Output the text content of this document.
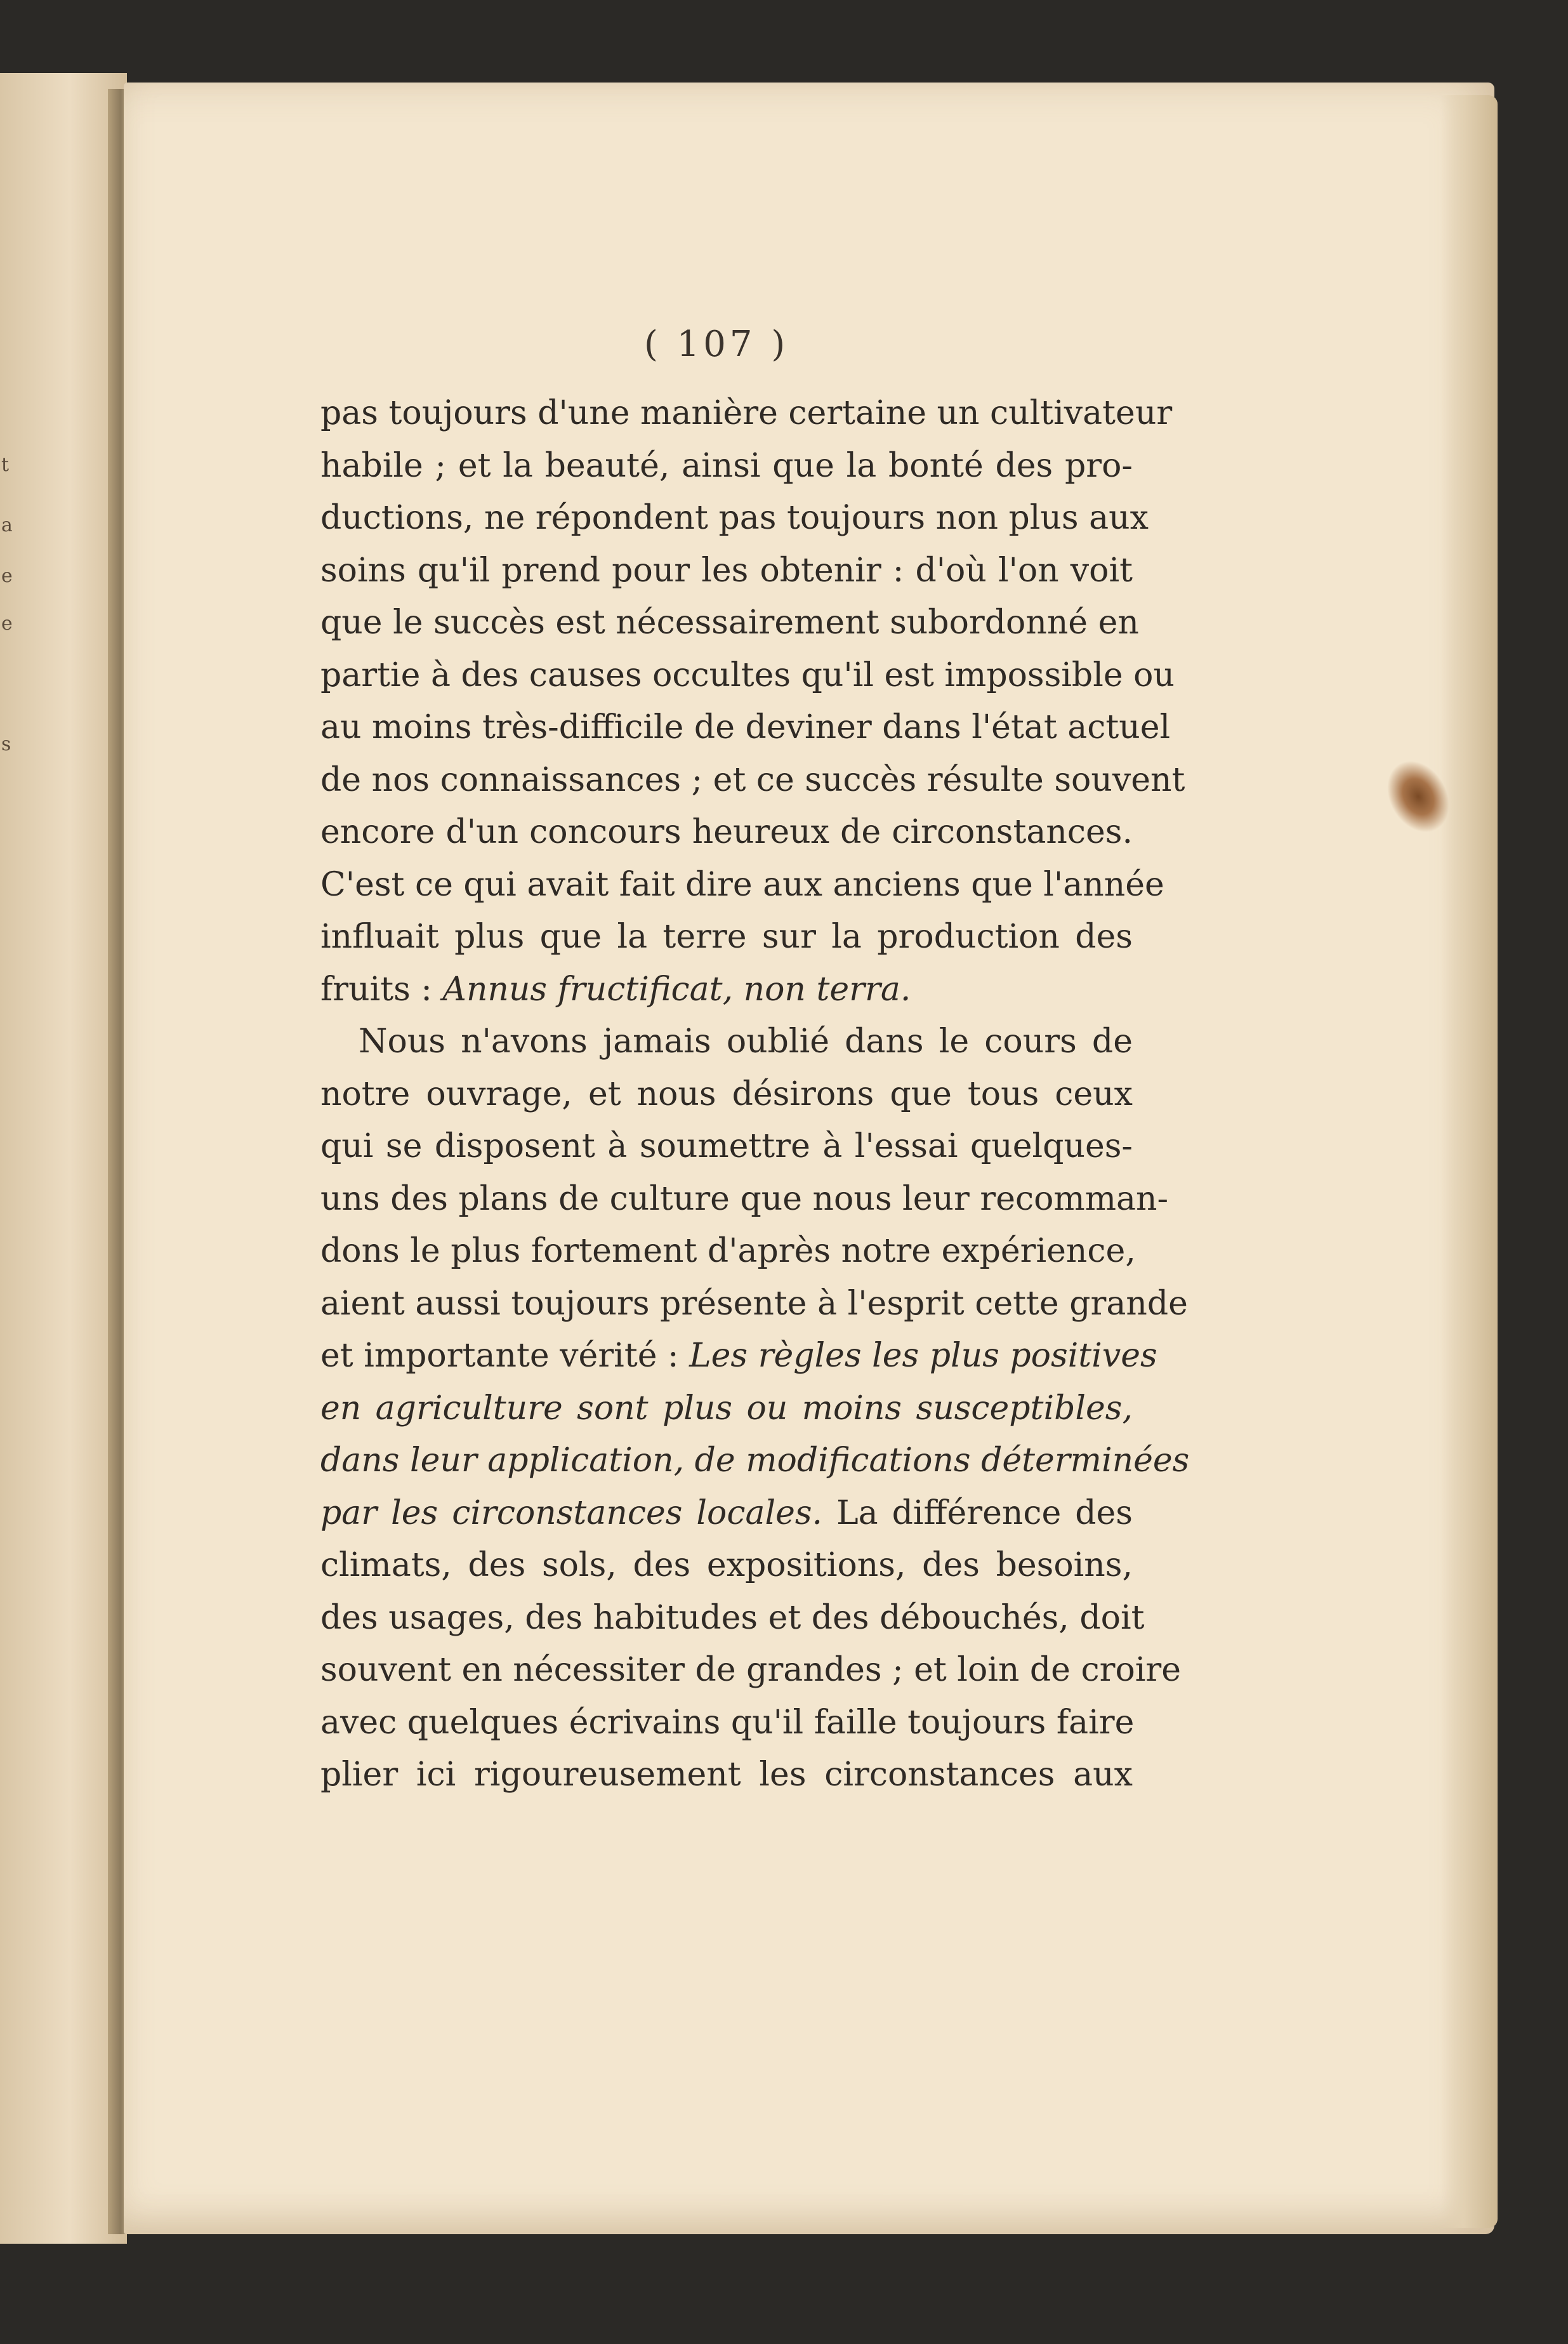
t
a
e
e
s
( 107 )
pas toujours d'une manière certaine un cultivateur
habile ; et la beauté, ainsi que la bonté des pro-
ductions, ne répondent pas toujours non plus aux
soins qu'il prend pour les obtenir : d'où l'on voit
que le succès est nécessairement subordonné en
partie à des causes occultes qu'il est impossible ou
au moins très-difficile de deviner dans l'état actuel
de nos connaissances ; et ce succès résulte souvent
encore d'un concours heureux de circonstances.
C'est ce qui avait fait dire aux anciens que l'année
influait plus que la terre sur la production des
fruits : Annus fructificat, non terra.
Nous n'avons jamais oublié dans le cours de
notre ouvrage, et nous désirons que tous ceux
qui se disposent à soumettre à l'essai quelques-
uns des plans de culture que nous leur recomman-
dons le plus fortement d'après notre expérience,
aient aussi toujours présente à l'esprit cette grande
et importante vérité : Les règles les plus positives
en agriculture sont plus ou moins susceptibles,
dans leur application, de modifications déterminées
par les circonstances locales. La différence des
climats, des sols, des expositions, des besoins,
des usages, des habitudes et des débouchés, doit
souvent en nécessiter de grandes ; et loin de croire
avec quelques écrivains qu'il faille toujours faire
plier ici rigoureusement les circonstances aux
